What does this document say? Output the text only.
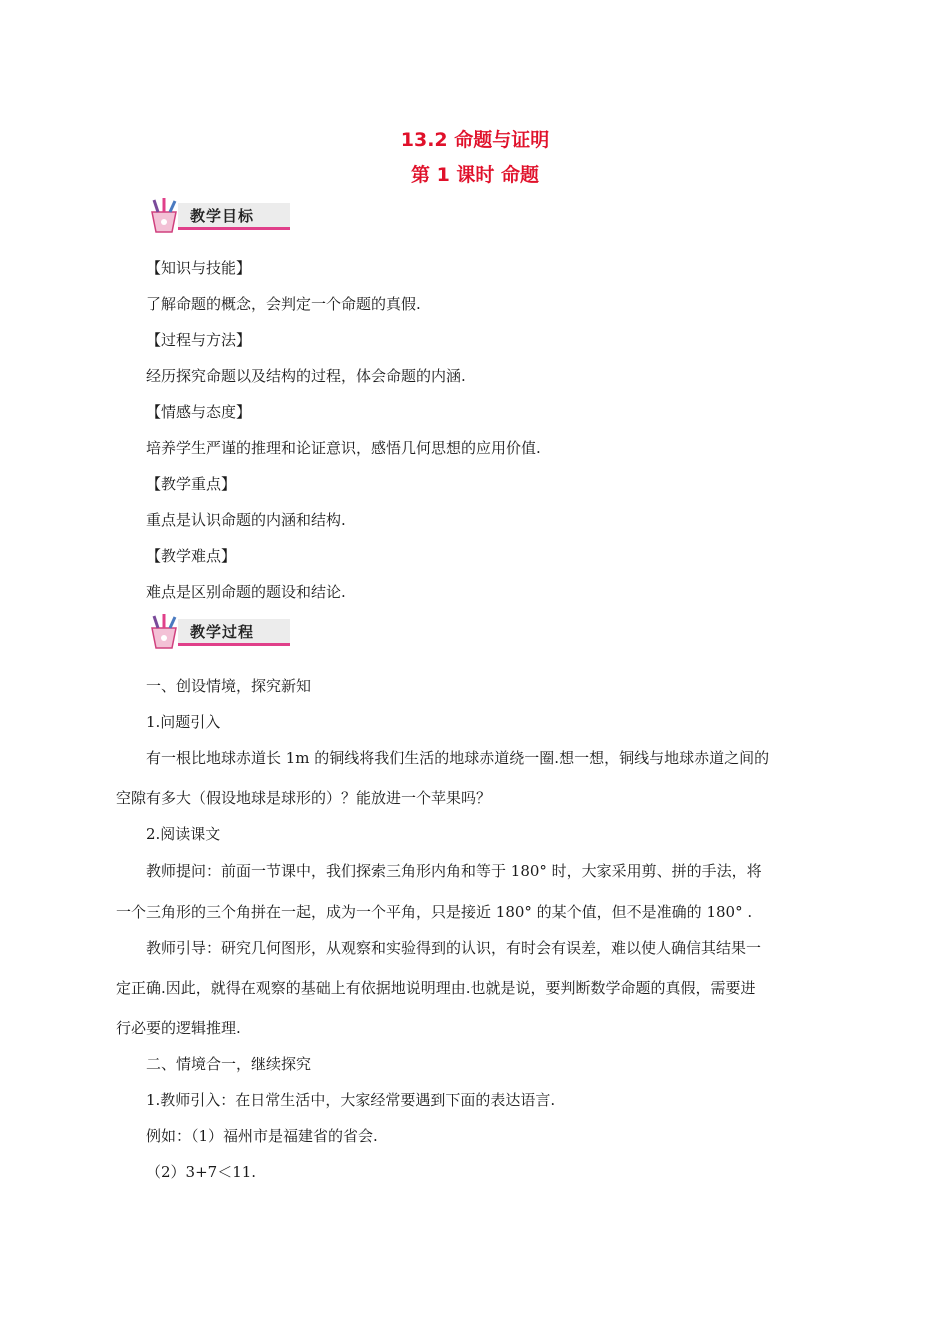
13.2 命题与证明
第 1 课时 命题
教学目标
【知识与技能】
了解命题的概念，会判定一个命题的真假.
【过程与方法】
经历探究命题以及结构的过程，体会命题的内涵.
【情感与态度】
培养学生严谨的推理和论证意识，感悟几何思想的应用价值.
【教学重点】
重点是认识命题的内涵和结构.
【教学难点】
难点是区别命题的题设和结论.
教学过程
一、创设情境，探究新知
1.问题引入
有一根比地球赤道长 1m 的铜线将我们生活的地球赤道绕一圈.想一想，铜线与地球赤道之间的
空隙有多大（假设地球是球形的）？能放进一个苹果吗？
2.阅读课文
教师提问：前面一节课中，我们探索三角形内角和等于 180° 时，大家采用剪、拼的手法，将
一个三角形的三个角拼在一起，成为一个平角，只是接近 180° 的某个值，但不是准确的 180° .
教师引导：研究几何图形，从观察和实验得到的认识，有时会有误差，难以使人确信其结果一
定正确.因此，就得在观察的基础上有依据地说明理由.也就是说，要判断数学命题的真假，需要进
行必要的逻辑推理.
二、情境合一，继续探究
1.教师引入：在日常生活中，大家经常要遇到下面的表达语言.
例如：（1）福州市是福建省的省会.
（2）3+7＜11.
